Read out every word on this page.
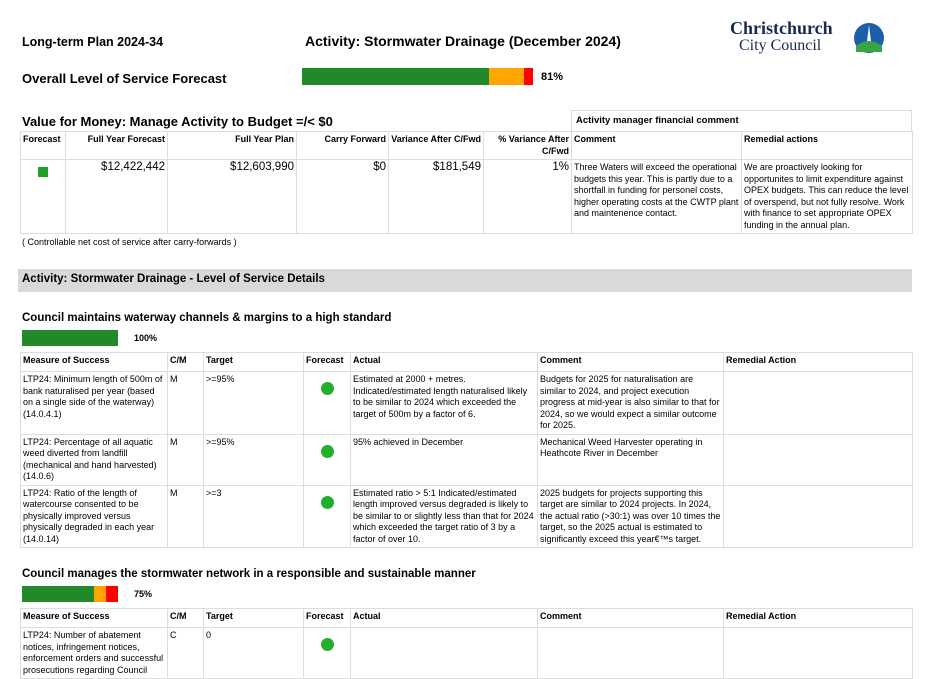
Long-term Plan 2024-34	Activity: Stormwater Drainage (December 2024)
Christchurch
City Council
Overall Level of Service Forecast	81%
Value for Money: Manage Activity to Budget =/< $0	Activity manager financial comment
Forecast	Full Year Forecast	Full Year Plan	Carry Forward	Variance After C/Fwd	% Variance After C/Fwd	Comment	Remedial actions
	$12,422,442	$12,603,990	$0	$181,549	1%	Three Waters will exceed the operational budgets this year. This is partly due to a shortfall in funding for personel costs, higher operating costs at the CWTP plant and maintenence contact.	We are proactively looking for opportunites to limit expenditure against OPEX budgets. This can reduce the level of overspend, but not fully resolve. Work with finance to set appropriate OPEX funding in the annual plan.
( Controllable net cost of service after carry-forwards )
Activity: Stormwater Drainage - Level of Service Details
Council maintains waterway channels & margins to a high standard
100%
Measure of Success	C/M	Target	Forecast	Actual	Comment	Remedial Action
LTP24: Minimum length of 500m of bank naturalised per year (based on a single side of the waterway) (14.0.4.1)	M	>=95%		Estimated at 2000 + metres. Indicated/estimated length naturalised likely to be similar to 2024 which exceeded the target of 500m by a factor of 6.	Budgets for 2025 for naturalisation are similar to 2024, and project execution progress at mid-year is also similar to that for 2024, so we would expect a similar outcome for 2025.	
LTP24: Percentage of all aquatic weed diverted from landfill (mechanical and hand harvested) (14.0.6)	M	>=95%		95% achieved in December	Mechanical Weed Harvester operating in Heathcote River in December	
LTP24: Ratio of the length of watercourse consented to be physically improved versus physically degraded in each year (14.0.14)	M	>=3		Estimated ratio > 5:1 Indicated/estimated length improved versus degraded is likely to be similar to or slightly less than that for 2024 which exceeded the target ratio of 3 by a factor of over 10.	2025 budgets for projects supporting this target are similar to 2024 projects. In 2024, the actual ratio (>30:1) was over 10 times the target, so the 2025 actual is estimated to significantly exceed this year€™s target.	
Council manages the stormwater network in a responsible and sustainable manner
75%
Measure of Success	C/M	Target	Forecast	Actual	Comment	Remedial Action
LTP24: Number of abatement notices, infringement notices, enforcement orders and successful prosecutions regarding Council	C	0				
